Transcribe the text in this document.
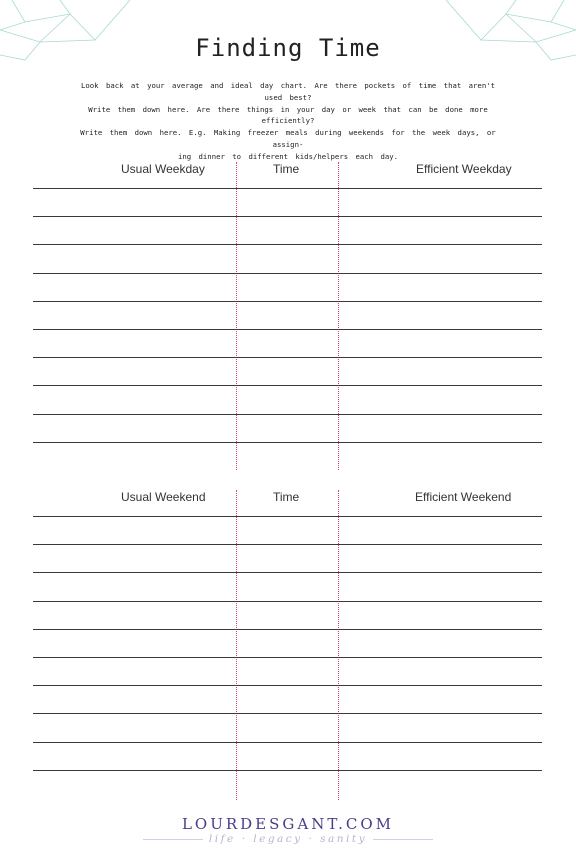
Finding Time
Look back at your average and ideal day chart. Are there pockets of time that aren't
used best?
Write them down here. Are there things in your day or week that can be done more
efficiently?
Write them down here. E.g. Making freezer meals during weekends for the week days, or
assign-
ing dinner to different kids/helpers each day.
Usual Weekday	Time	Efficient Weekday
Usual Weekend	Time	Efficient Weekend
LOURDESGANT.COM
life · legacy · sanity
